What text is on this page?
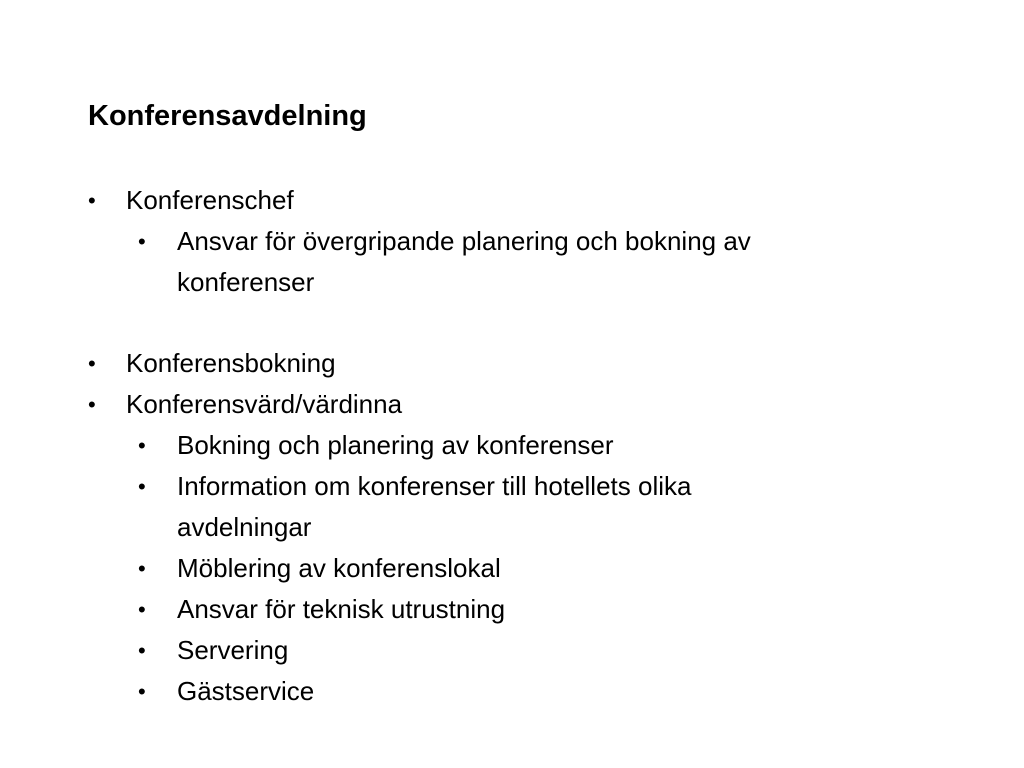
Konferensavdelning
• Konferenschef
• Ansvar för övergripande planering och bokning av
konferenser
• Konferensbokning
• Konferensvärd/värdinna
• Bokning och planering av konferenser
• Information om konferenser till hotellets olika
avdelningar
• Möblering av konferenslokal
• Ansvar för teknisk utrustning
• Servering
• Gästservice
